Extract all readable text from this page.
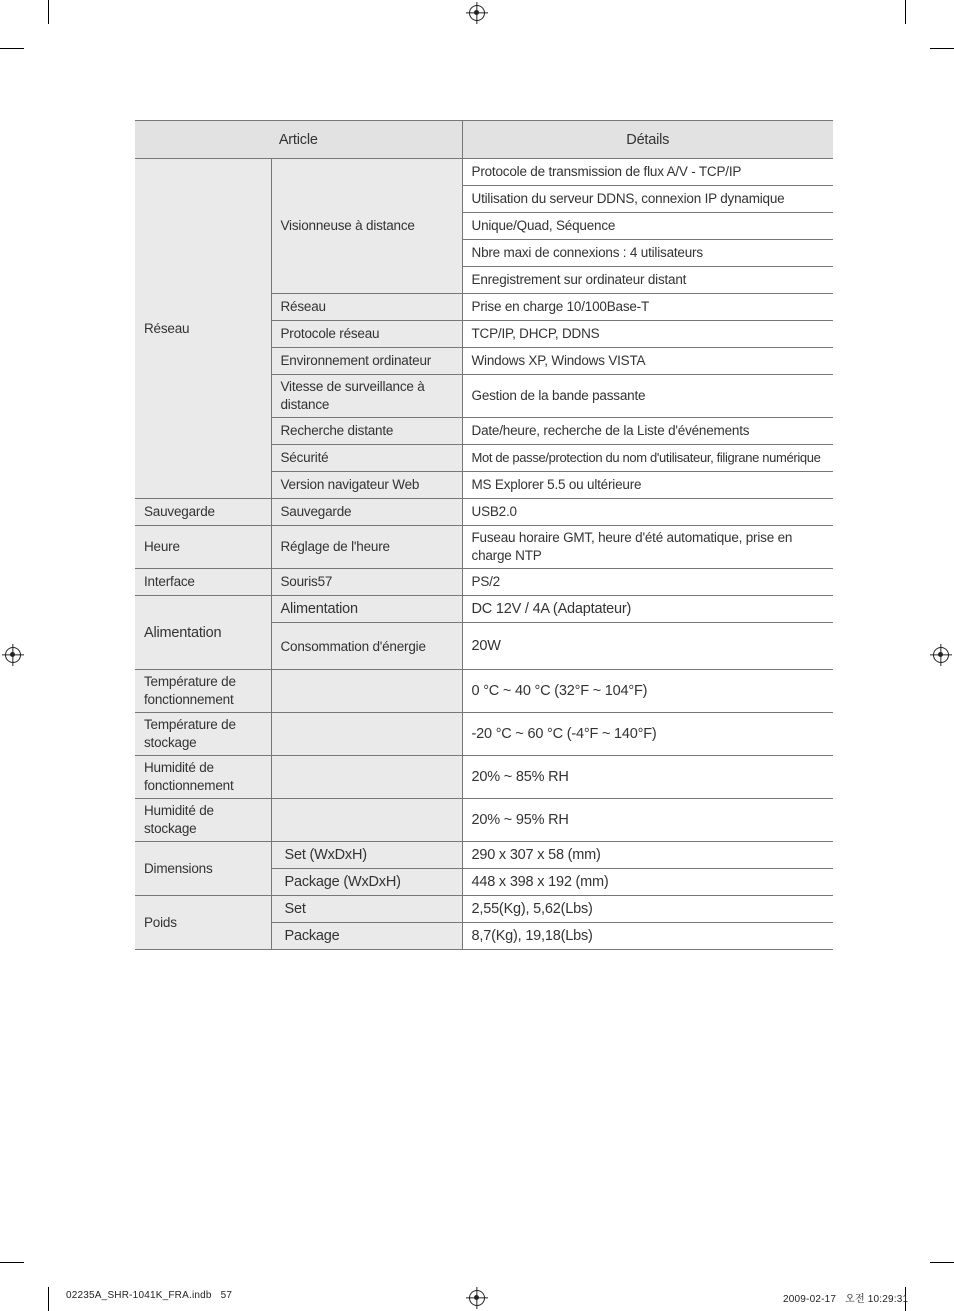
Article		Détails
Réseau	Visionneuse à distance	Protocole de transmission de flux A/V - TCP/IP
		Utilisation du serveur DDNS, connexion IP dynamique
		Unique/Quad, Séquence
		Nbre maxi de connexions : 4 utilisateurs
		Enregistrement sur ordinateur distant
	Réseau	Prise en charge 10/100Base-T
	Protocole réseau	TCP/IP, DHCP, DDNS
	Environnement ordinateur	Windows XP, Windows VISTA
	Vitesse de surveillance à distance	Gestion de la bande passante
	Recherche distante	Date/heure, recherche de la Liste d'événements
	Sécurité	Mot de passe/protection du nom d'utilisateur, filigrane numérique
	Version navigateur Web	MS Explorer 5.5 ou ultérieure
Sauvegarde	Sauvegarde	USB2.0
Heure	Réglage de l'heure	Fuseau horaire GMT, heure d'été automatique, prise en charge NTP
Interface	Souris57	PS/2
Alimentation	Alimentation	DC 12V / 4A (Adaptateur)
	Consommation d'énergie	20W
Température de fonctionnement		0 °C ~ 40 °C (32°F ~ 104°F)
Température de stockage		-20 °C ~ 60 °C (-4°F ~ 140°F)
Humidité de fonctionnement		20% ~ 85% RH
Humidité de stockage		20% ~ 95% RH
Dimensions	Set (WxDxH)	290 x 307 x 58 (mm)
	Package (WxDxH)	448 x 398 x 192 (mm)
Poids	Set	2,55(Kg), 5,62(Lbs)
	Package	8,7(Kg), 19,18(Lbs)
02235A_SHR-1041K_FRA.indb   57	2009-02-17   오전 10:29:31
